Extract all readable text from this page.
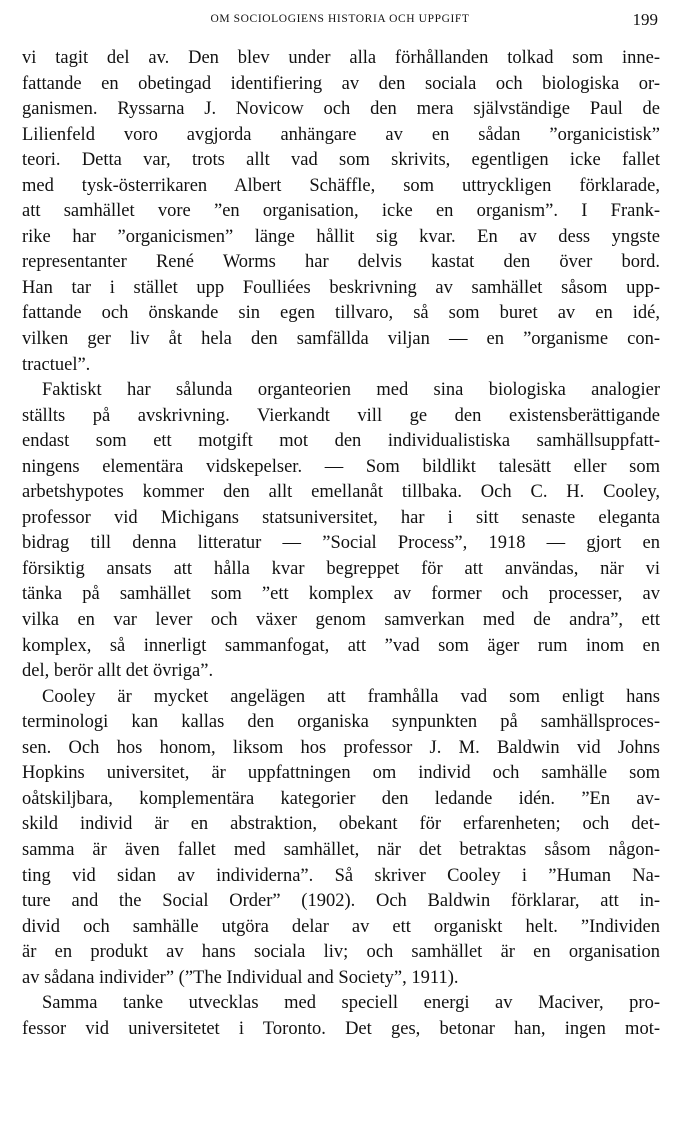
OM SOCIOLOGIENS HISTORIA OCH UPPGIFT	199
vi tagit del av. Den blev under alla förhållanden tolkad som inne-
fattande en obetingad identifiering av den sociala och biologiska or-
ganismen. Ryssarna J. Novicow och den mera självständige Paul de
Lilienfeld voro avgjorda anhängare av en sådan ”organicistisk”
teori. Detta var, trots allt vad som skrivits, egentligen icke fallet
med tysk-österrikaren Albert Schäffle, som uttryckligen förklarade,
att samhället vore ”en organisation, icke en organism”. I Frank-
rike har ”organicismen” länge hållit sig kvar. En av dess yngste
representanter René Worms har delvis kastat den över bord.
Han tar i stället upp Foulliées beskrivning av samhället såsom upp-
fattande och önskande sin egen tillvaro, så som buret av en idé,
vilken ger liv åt hela den samfällda viljan — en ”organisme con-
tractuel”.
Faktiskt har sålunda organteorien med sina biologiska analogier
ställts på avskrivning. Vierkandt vill ge den existensberättigande
endast som ett motgift mot den individualistiska samhällsuppfatt-
ningens elementära vidskepelser. — Som bildlikt talesätt eller som
arbetshypotes kommer den allt emellanåt tillbaka. Och C. H. Cooley,
professor vid Michigans statsuniversitet, har i sitt senaste eleganta
bidrag till denna litteratur — ”Social Process”, 1918 — gjort en
försiktig ansats att hålla kvar begreppet för att användas, när vi
tänka på samhället som ”ett komplex av former och processer, av
vilka en var lever och växer genom samverkan med de andra”, ett
komplex, så innerligt sammanfogat, att ”vad som äger rum inom en
del, berör allt det övriga”.
Cooley är mycket angelägen att framhålla vad som enligt hans
terminologi kan kallas den organiska synpunkten på samhällsproces-
sen. Och hos honom, liksom hos professor J. M. Baldwin vid Johns
Hopkins universitet, är uppfattningen om individ och samhälle som
oåtskiljbara, komplementära kategorier den ledande idén. ”En av-
skild individ är en abstraktion, obekant för erfarenheten; och det-
samma är även fallet med samhället, när det betraktas såsom någon-
ting vid sidan av individerna”. Så skriver Cooley i ”Human Na-
ture and the Social Order” (1902). Och Baldwin förklarar, att in-
divid och samhälle utgöra delar av ett organiskt helt. ”Individen
är en produkt av hans sociala liv; och samhället är en organisation
av sådana individer” (”The Individual and Society”, 1911).
Samma tanke utvecklas med speciell energi av Maciver, pro-
fessor vid universitetet i Toronto. Det ges, betonar han, ingen mot-
